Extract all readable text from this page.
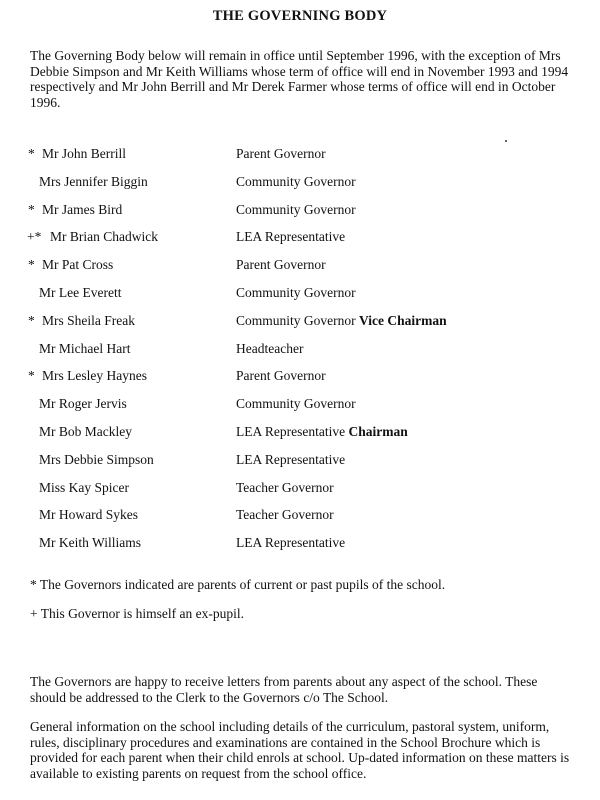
THE GOVERNING BODY

The Governing Body below will remain in office until September 1996, with the exception of Mrs Debbie Simpson and Mr Keith Williams whose term of office will end in November 1993 and 1994 respectively and Mr John Berrill and Mr Derek Farmer whose terms of office will end in October 1996.

* Mr John Berrill	Parent Governor
Mrs Jennifer Biggin	Community Governor
* Mr James Bird	Community Governor
+* Mr Brian Chadwick	LEA Representative
* Mr Pat Cross	Parent Governor
Mr Lee Everett	Community Governor
* Mrs Sheila Freak	Community Governor Vice Chairman
Mr Michael Hart	Headteacher
* Mrs Lesley Haynes	Parent Governor
Mr Roger Jervis	Community Governor
Mr Bob Mackley	LEA Representative Chairman
Mrs Debbie Simpson	LEA Representative
Miss Kay Spicer	Teacher Governor
Mr Howard Sykes	Teacher Governor
Mr Keith Williams	LEA Representative
* The Governors indicated are parents of current or past pupils of the school.
+ This Governor is himself an ex-pupil.

The Governors are happy to receive letters from parents about any aspect of the school. These should be addressed to the Clerk to the Governors c/o The School.

General information on the school including details of the curriculum, pastoral system, uniform, rules, disciplinary procedures and examinations are contained in the School Brochure which is provided for each parent when their child enrols at school. Up-dated information on these matters is available to existing parents on request from the school office.
